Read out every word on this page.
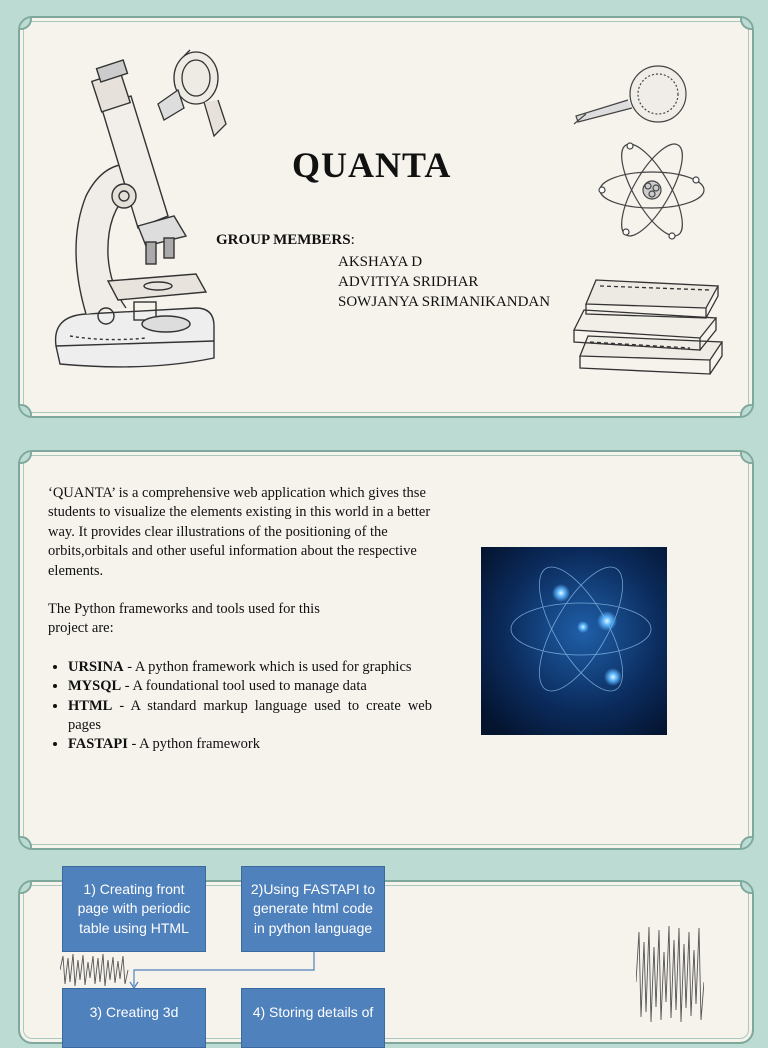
QUANTA
GROUP MEMBERS:
AKSHAYA D
ADVITIYA SRIDHAR
SOWJANYA SRIMANIKANDAN

‘QUANTA’ is a comprehensive web application which gives thse students to visualize the elements existing in this world in a better way. It provides clear illustrations of the positioning of the orbits,orbitals and other useful information about the respective elements.

The Python frameworks and tools used for this project are:

• URSINA - A python framework which is used for graphics
• MYSQL - A foundational tool used to manage data
• HTML - A standard markup language used to create web pages
• FASTAPI - A python framework
1) Creating front page with periodic table using HTML
2)Using FASTAPI to generate html code in python language
3) Creating 3d	4) Storing details of
